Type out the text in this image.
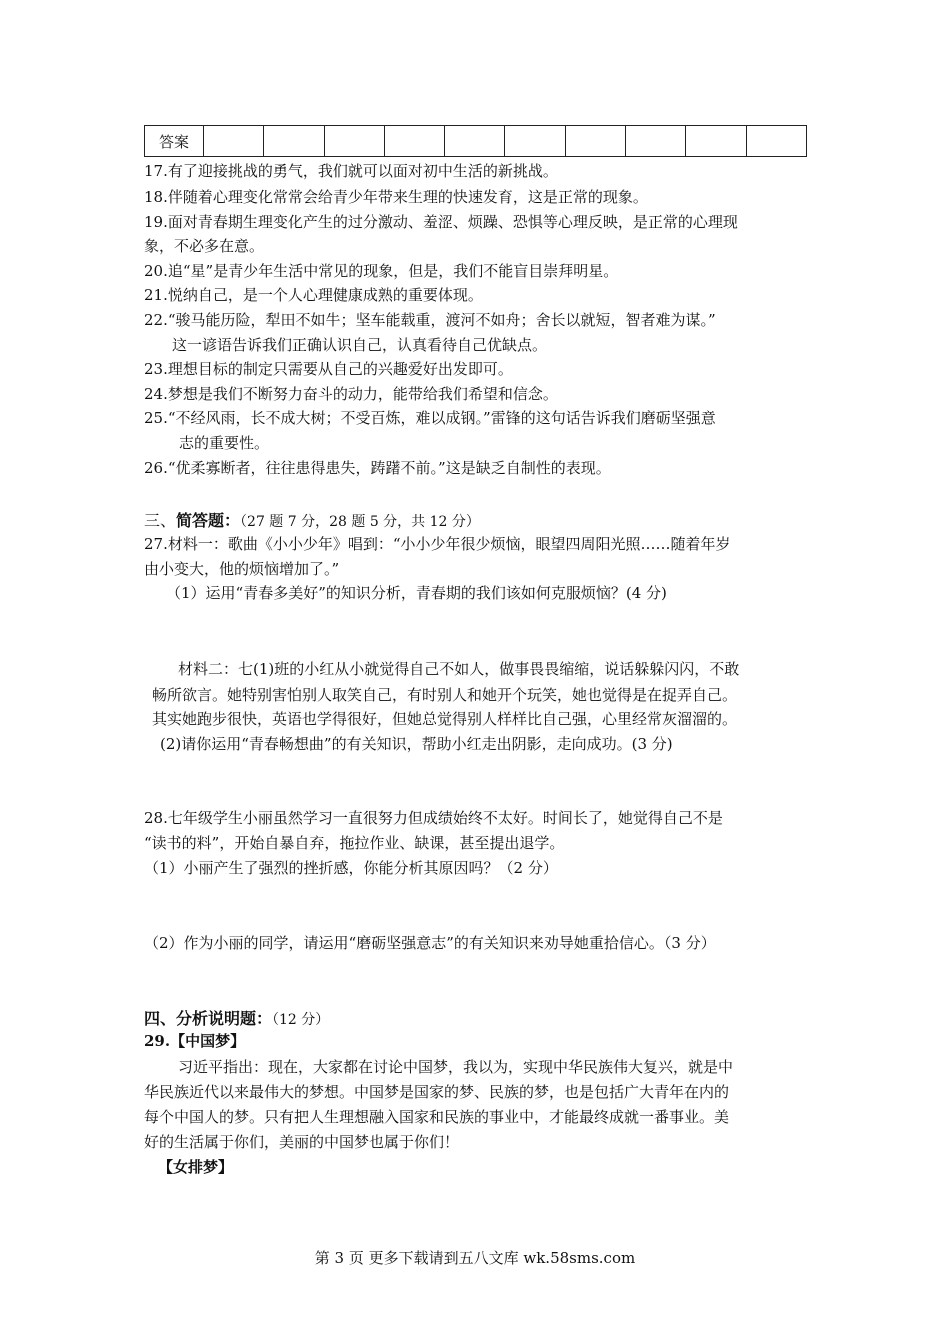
答案										
17.有了迎接挑战的勇气，我们就可以面对初中生活的新挑战。
18.伴随着心理变化常常会给青少年带来生理的快速发育，这是正常的现象。
19.面对青春期生理变化产生的过分激动、羞涩、烦躁、恐惧等心理反映，是正常的心理现
象，不必多在意。
20.追“星”是青少年生活中常见的现象，但是，我们不能盲目崇拜明星。
21.悦纳自己，是一个人心理健康成熟的重要体现。
22.“骏马能历险，犁田不如牛；坚车能载重，渡河不如舟；舍长以就短，智者难为谋。”
这一谚语告诉我们正确认识自己，认真看待自己优缺点。
23.理想目标的制定只需要从自己的兴趣爱好出发即可。
24.梦想是我们不断努力奋斗的动力，能带给我们希望和信念。
25.“不经风雨，长不成大树；不受百炼，难以成钢。”雷锋的这句话告诉我们磨砺坚强意
志的重要性。
26.“优柔寡断者，往往患得患失，踌躇不前。”这是缺乏自制性的表现。
三、简答题：（27 题 7 分，28 题 5 分，共 12 分）
27.材料一：歌曲《小小少年》唱到：“小小少年很少烦恼，眼望四周阳光照……随着年岁
由小变大，他的烦恼增加了。”
（1）运用“青春多美好”的知识分析，青春期的我们该如何克服烦恼？(4 分)
材料二：七(1)班的小红从小就觉得自己不如人，做事畏畏缩缩，说话躲躲闪闪，不敢
畅所欲言。她特别害怕别人取笑自己，有时别人和她开个玩笑，她也觉得是在捉弄自己。
其实她跑步很快，英语也学得很好，但她总觉得别人样样比自己强，心里经常灰溜溜的。
(2)请你运用“青春畅想曲”的有关知识，帮助小红走出阴影，走向成功。(3 分)
28.七年级学生小丽虽然学习一直很努力但成绩始终不太好。时间长了，她觉得自己不是
“读书的料”，开始自暴自弃，拖拉作业、缺课，甚至提出退学。
（1）小丽产生了强烈的挫折感，你能分析其原因吗？（2 分）
（2）作为小丽的同学，请运用“磨砺坚强意志”的有关知识来劝导她重拾信心。（3 分）
四、分析说明题：（12 分）
29.【中国梦】
习近平指出：现在，大家都在讨论中国梦，我以为，实现中华民族伟大复兴，就是中
华民族近代以来最伟大的梦想。中国梦是国家的梦、民族的梦，也是包括广大青年在内的
每个中国人的梦。只有把人生理想融入国家和民族的事业中，才能最终成就一番事业。美
好的生活属于你们，美丽的中国梦也属于你们！
【女排梦】
第 3 页 更多下载请到五八文库 wk.58sms.com
